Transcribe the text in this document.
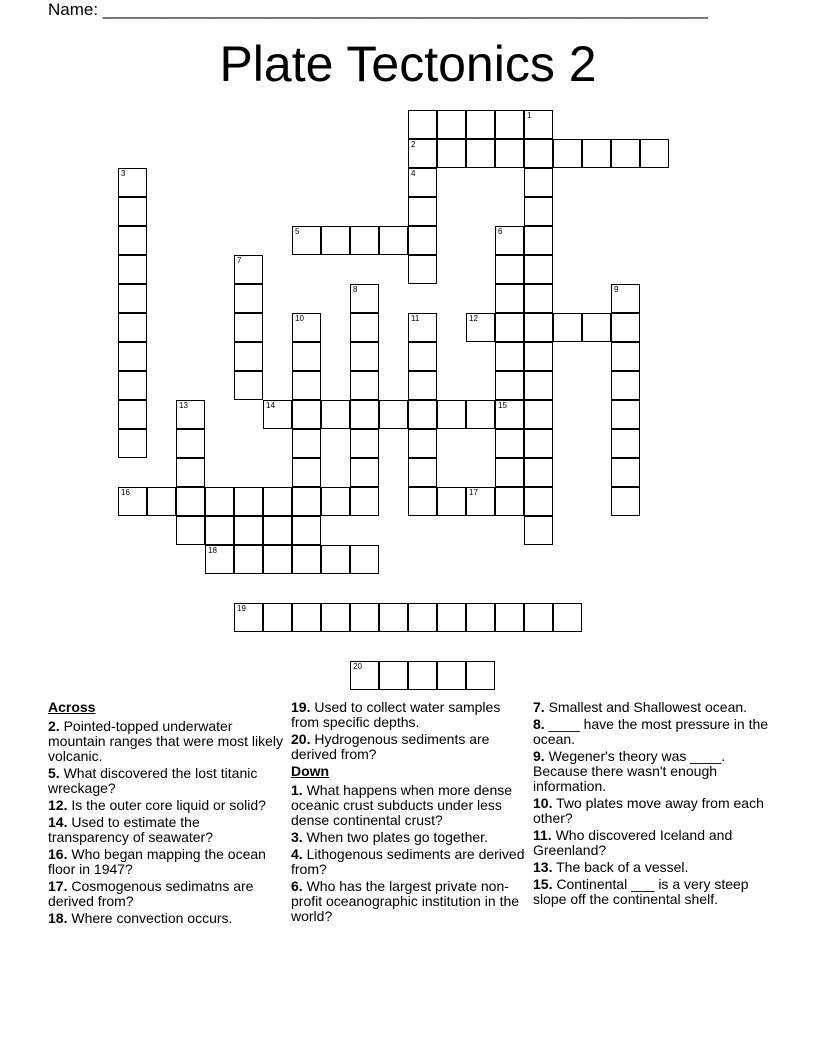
Name: ________________________________________________________________
Plate Tectonics 2
1
2
3	4
5	6
15
7
8	9
10	11	12
13	14
16	17
18
19
20
Across
2. Pointed-topped underwater mountain ranges that were most likely volcanic.
5. What discovered the lost titanic wreckage?
12. Is the outer core liquid or solid?
14. Used to estimate the transparency of seawater?
16. Who began mapping the ocean floor in 1947?
17. Cosmogenous sedimatns are derived from?
18. Where convection occurs.
19. Used to collect water samples from specific depths.
20. Hydrogenous sediments are derived from?
Down
1. What happens when more dense oceanic crust subducts under less dense continental crust?
3. When two plates go together.
4. Lithogenous sediments are derived from?
6. Who has the largest private non-profit oceanographic institution in the world?
7. Smallest and Shallowest ocean.
8. ____ have the most pressure in the ocean.
9. Wegener's theory was ____. Because there wasn't enough information.
10. Two plates move away from each other?
11. Who discovered Iceland and Greenland?
13. The back of a vessel.
15. Continental ___ is a very steep slope off the continental shelf.
